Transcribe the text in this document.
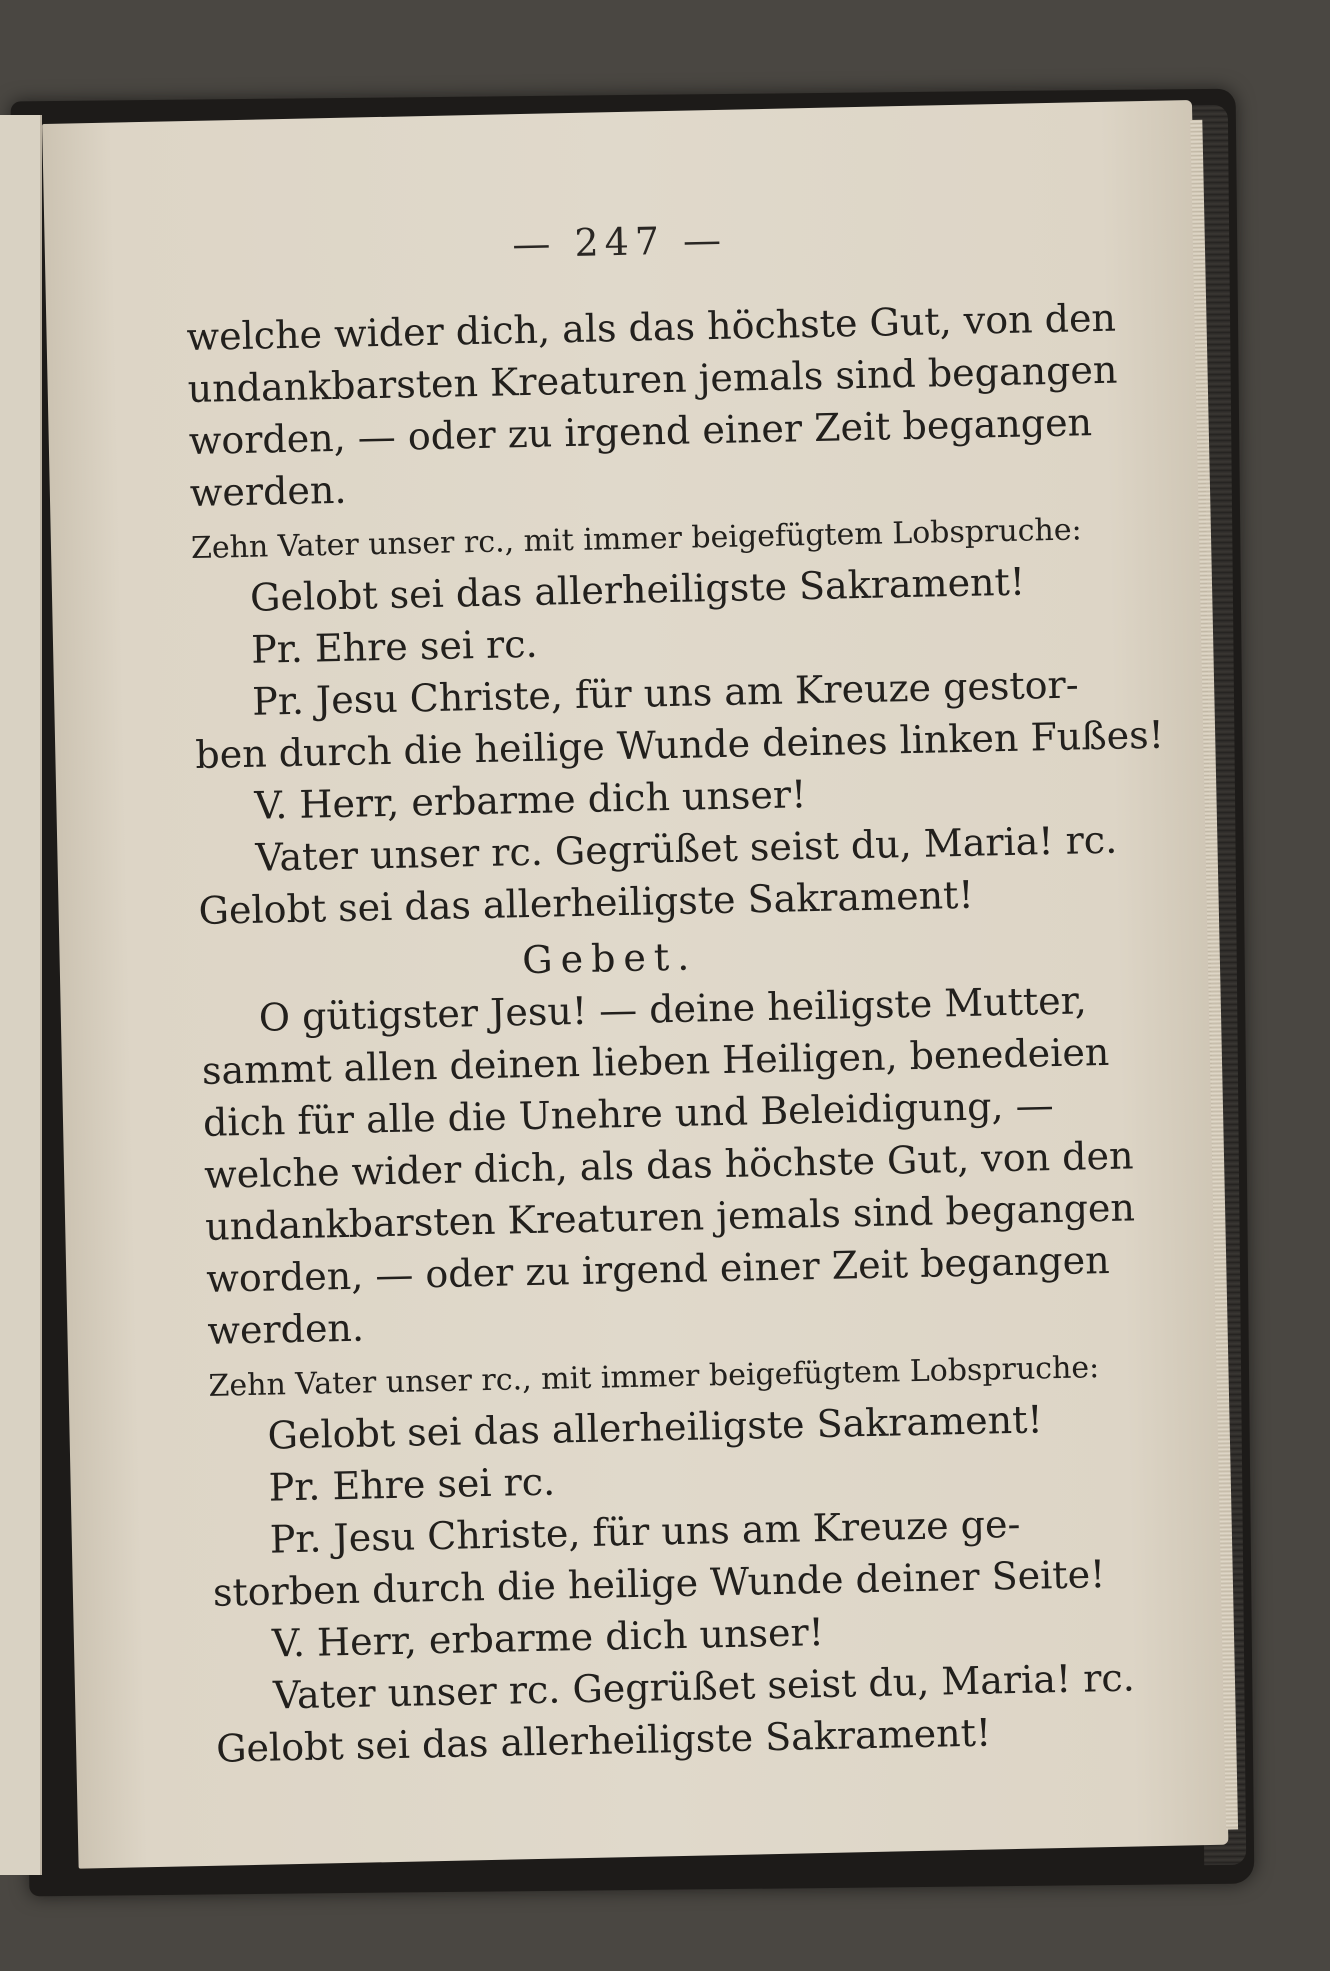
— 247 —
welche wider dich, als das höchste Gut, von den
undankbarsten Kreaturen jemals sind begangen
worden, — oder zu irgend einer Zeit begangen
werden.
Zehn Vater unser rc., mit immer beigefügtem Lobspruche:
Gelobt sei das allerheiligste Sakrament!
Pr. Ehre sei rc.
Pr. Jesu Christe, für uns am Kreuze gestor-
ben durch die heilige Wunde deines linken Fußes!
V. Herr, erbarme dich unser!
Vater unser rc. Gegrüßet seist du, Maria! rc.
Gelobt sei das allerheiligste Sakrament!
Gebet.
O gütigster Jesu! — deine heiligste Mutter,
sammt allen deinen lieben Heiligen, benedeien
dich für alle die Unehre und Beleidigung, —
welche wider dich, als das höchste Gut, von den
undankbarsten Kreaturen jemals sind begangen
worden, — oder zu irgend einer Zeit begangen
werden.
Zehn Vater unser rc., mit immer beigefügtem Lobspruche:
Gelobt sei das allerheiligste Sakrament!
Pr. Ehre sei rc.
Pr. Jesu Christe, für uns am Kreuze ge-
storben durch die heilige Wunde deiner Seite!
V. Herr, erbarme dich unser!
Vater unser rc. Gegrüßet seist du, Maria! rc.
Gelobt sei das allerheiligste Sakrament!
